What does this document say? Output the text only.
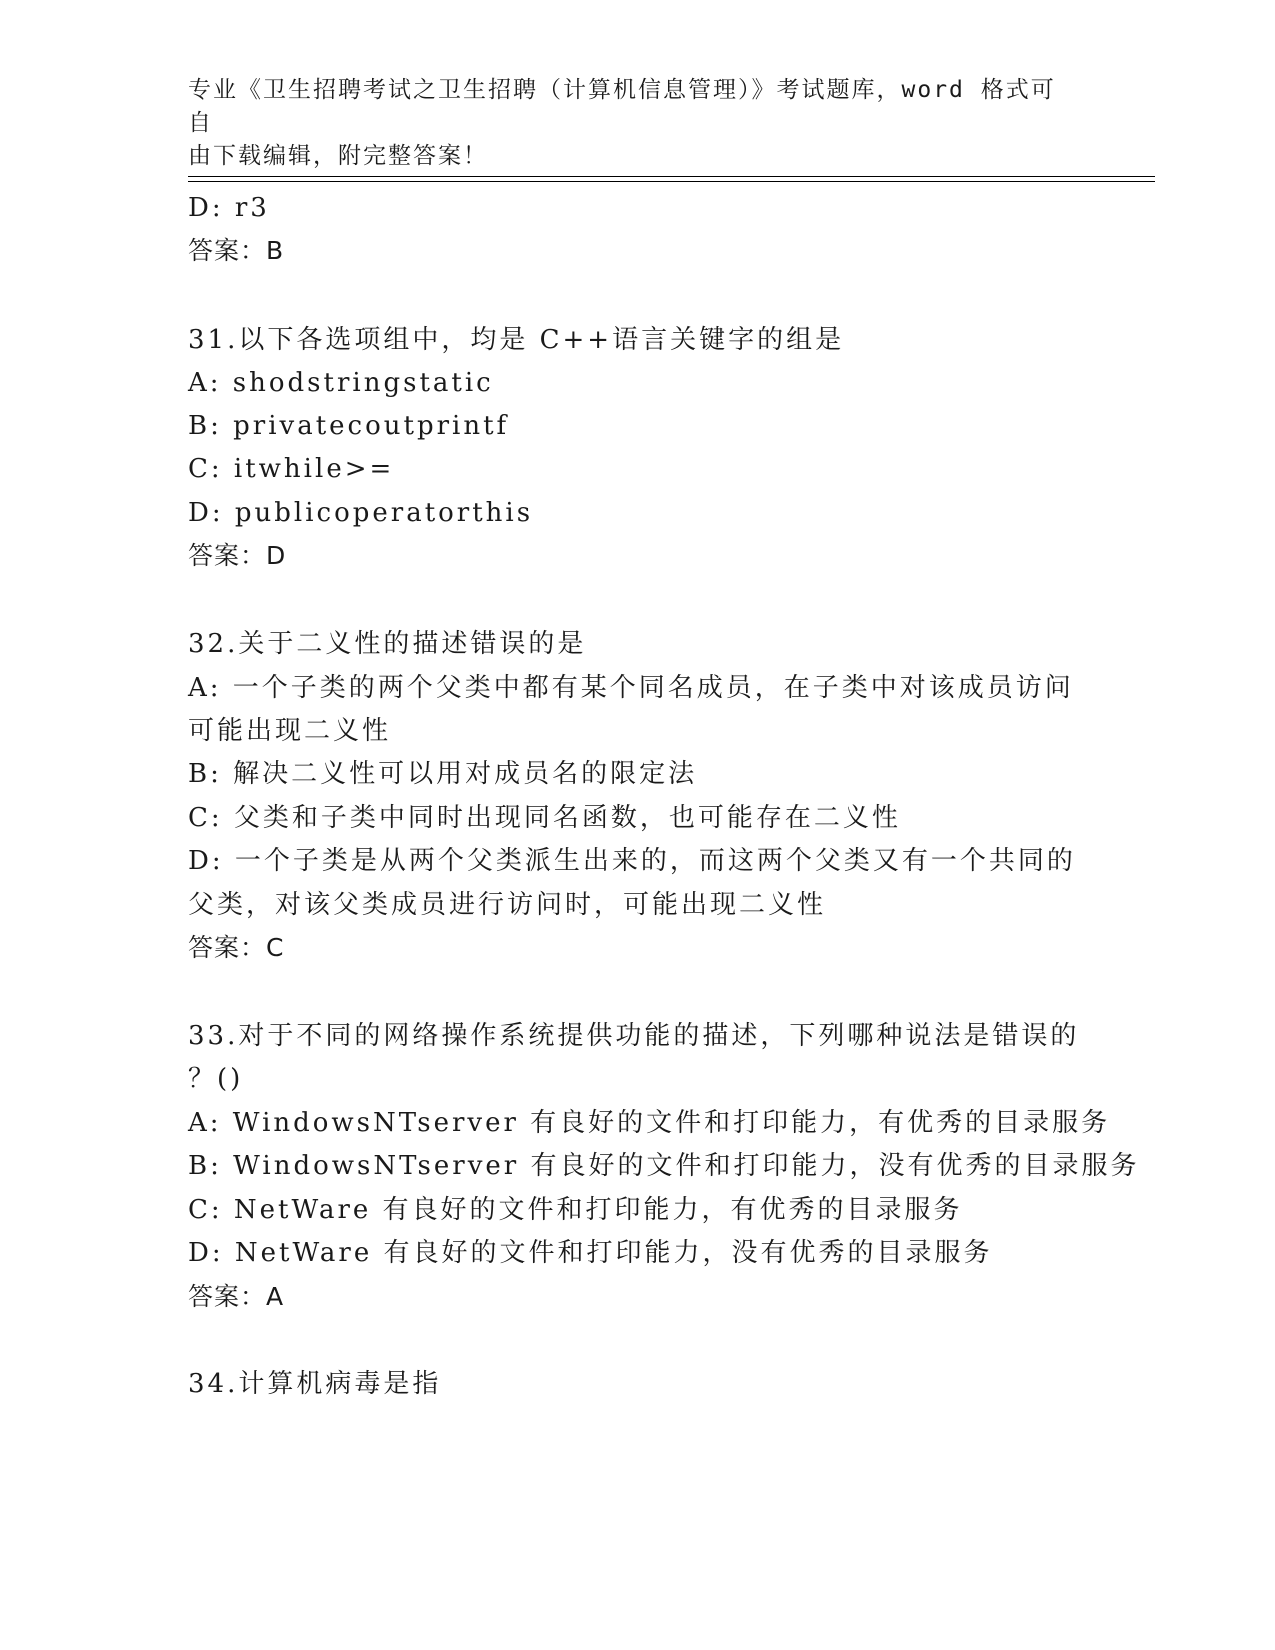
专业《卫生招聘考试之卫生招聘（计算机信息管理）》考试题库，word 格式可自
由下载编辑，附完整答案！
D: r3
答案：B
31.以下各选项组中，均是 C++语言关键字的组是
A: shodstringstatic
B: privatecoutprintf
C: itwhile>=
D: publicoperatorthis
答案：D
32.关于二义性的描述错误的是
A: 一个子类的两个父类中都有某个同名成员，在子类中对该成员访问
可能出现二义性
B: 解决二义性可以用对成员名的限定法
C: 父类和子类中同时出现同名函数，也可能存在二义性
D: 一个子类是从两个父类派生出来的，而这两个父类又有一个共同的
父类，对该父类成员进行访问时，可能出现二义性
答案：C
33.对于不同的网络操作系统提供功能的描述，下列哪种说法是错误的
？()
A: WindowsNTserver 有良好的文件和打印能力，有优秀的目录服务
B: WindowsNTserver 有良好的文件和打印能力，没有优秀的目录服务
C: NetWare 有良好的文件和打印能力，有优秀的目录服务
D: NetWare 有良好的文件和打印能力，没有优秀的目录服务
答案：A
34.计算机病毒是指
